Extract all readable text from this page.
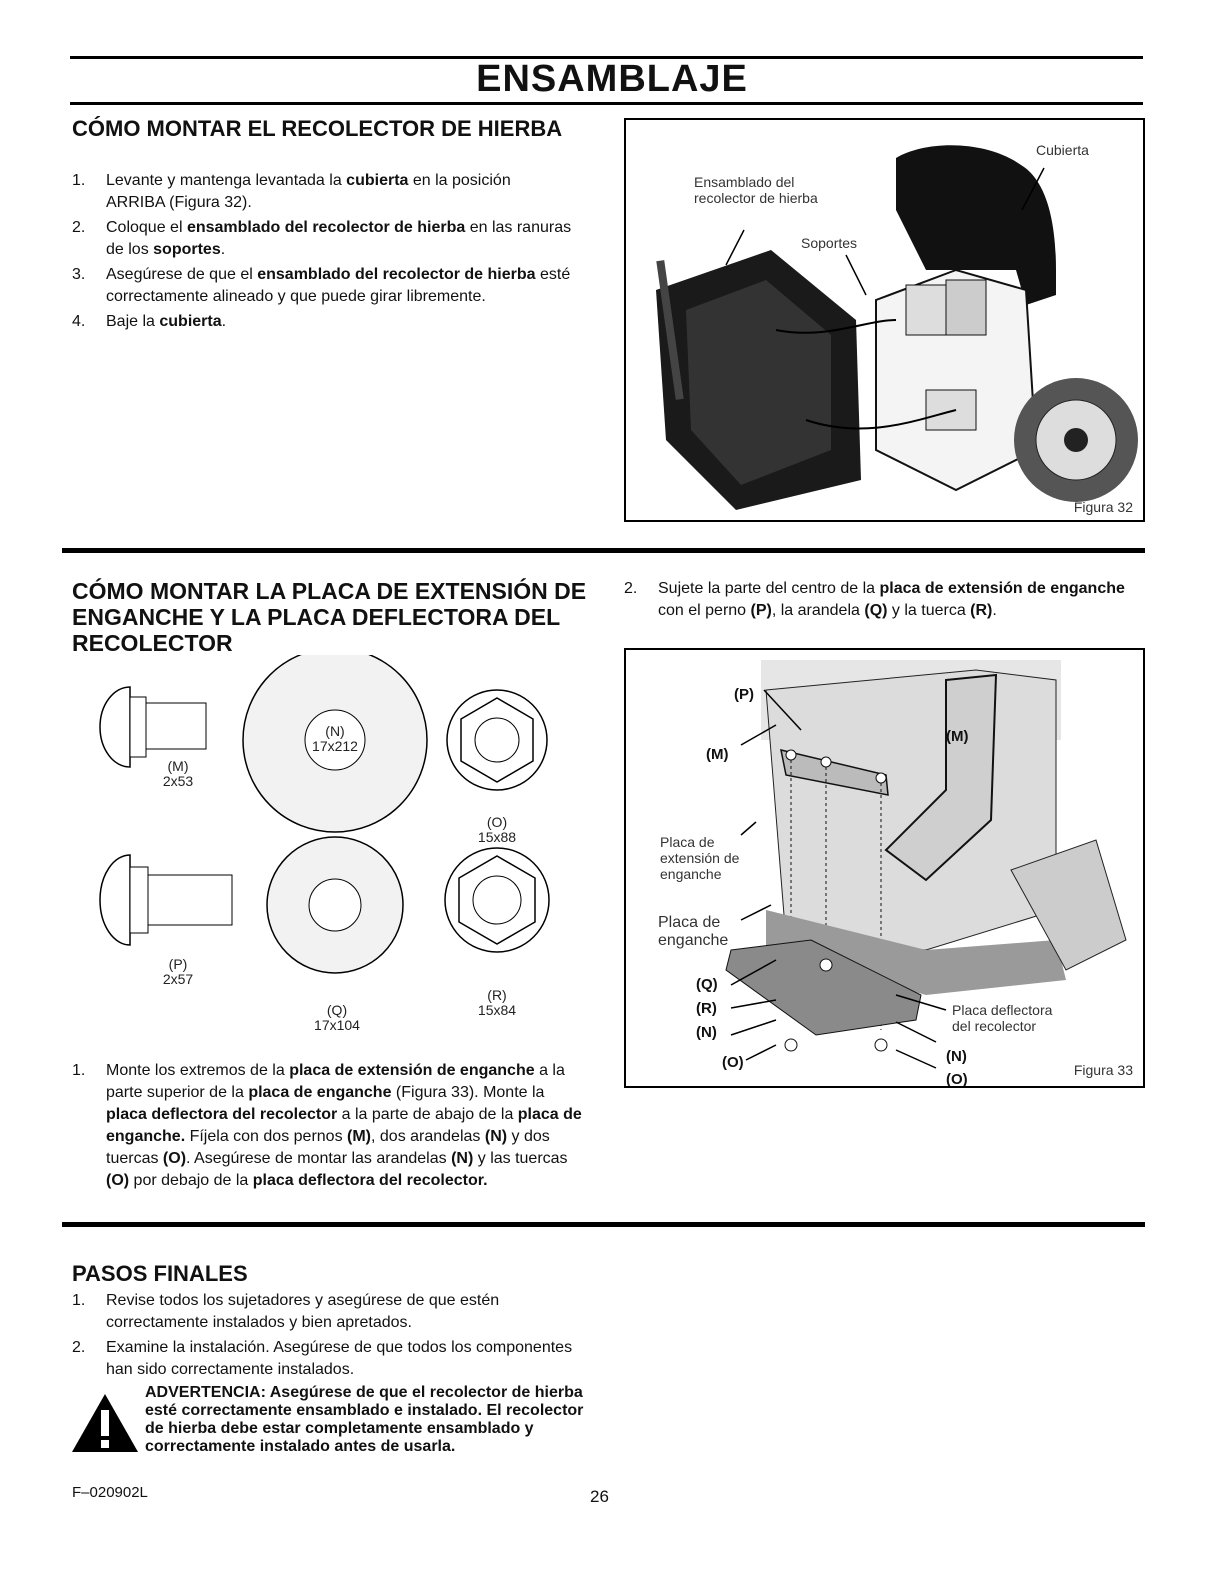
ENSAMBLAJE
CÓMO MONTAR EL RECOLECTOR DE HIERBA
1. Levante y mantenga levantada la cubierta en la posición ARRIBA (Figura 32).
2. Coloque el ensamblado del recolector de hierba en las ranuras de los soportes.
3. Asegúrese de que el ensamblado del recolector de hierba esté correctamente alineado y que puede girar libremente.
4. Baje la cubierta.
Cubierta
Ensamblado del recolector de hierba
Soportes
Figura 32
CÓMO MONTAR LA PLACA DE EXTENSIÓN DE ENGANCHE Y LA PLACA DEFLECTORA DEL RECOLECTOR
(M)
2x53
(N)
17x212
(O)
15x88
(P)
2x57
(Q)
17x104
(R)
15x84
1. Monte los extremos de la placa de extensión de enganche a la parte superior de la placa de enganche (Figura 33). Monte la placa deflectora del recolector a la parte de abajo de la placa de enganche. Fíjela con dos pernos (M), dos arandelas (N) y dos tuercas (O). Asegúrese de montar las arandelas (N) y las tuercas (O) por debajo de la placa deflectora del recolector.
2. Sujete la parte del centro de la placa de extensión de enganche con el perno (P), la arandela (Q) y la tuerca (R).
(P)
(M)
(M)
Placa de extensión de enganche
Placa de enganche
(Q)
(R)
(N)
(O)
Placa deflectora del recolector
(N)
(O)
Figura 33
PASOS FINALES
1. Revise todos los sujetadores y asegúrese de que estén correctamente instalados y bien apretados.
2. Examine la instalación. Asegúrese de que todos los componentes han sido correctamente instalados.
ADVERTENCIA: Asegúrese de que el recolector de hierba esté correctamente ensamblado e instalado. El recolector de hierba debe estar completamente ensamblado y correctamente instalado antes de usarla.
F–020902L	26
